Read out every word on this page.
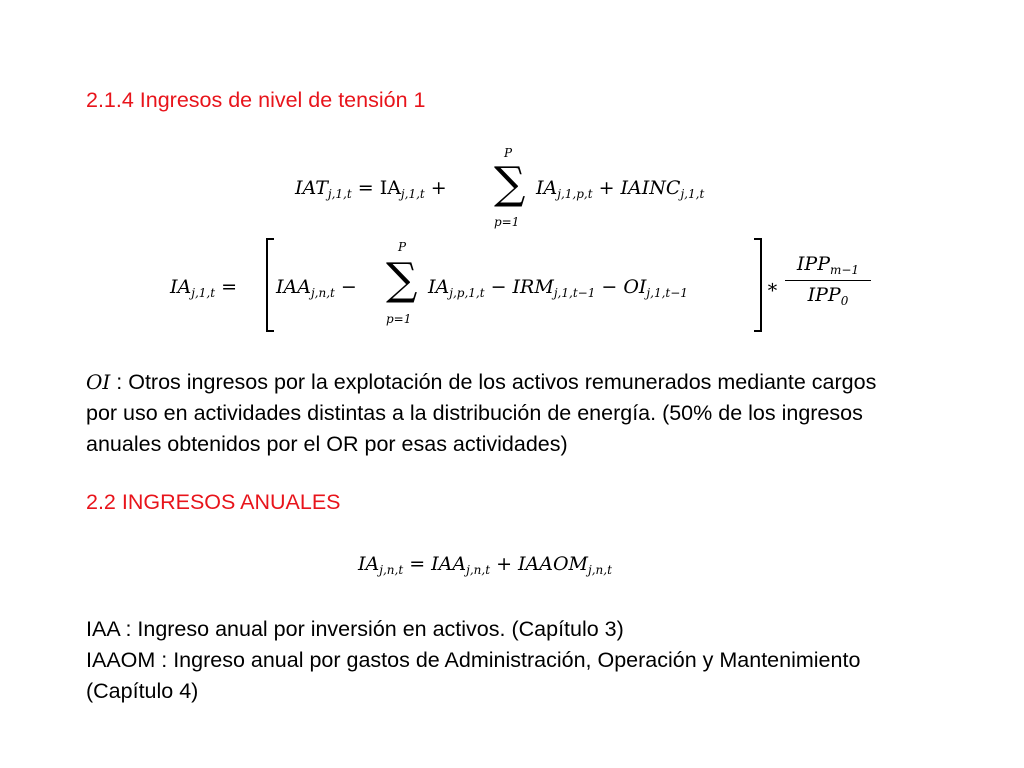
2.1.4 Ingresos de nivel de tensión 1
$IAT_{j,1,t} = IA_{j,1,t}$ +
P
∑
p=1
$IA_{j,1,p,t}$ + $IAINC_{j,1,t}$
$IA_{j,1,t} = IAA_{j,n,t}$ −
P
∑
p=1
$IA_{j,p,1,t} - IRM_{j,1,t-1} - OI_{j,1,t-1}$	∗
$IPP_{m-1}$
$IPP_0$
OI : Otros ingresos por la explotación de los activos remunerados mediante cargos
por uso en actividades distintas a la distribución de energía. (50% de los ingresos
anuales obtenidos por el OR por esas actividades)
2.2 INGRESOS ANUALES
$IA_{j,n,t} = IAA_{j,n,t}$ + $IAAOM_{j,n,t}$
IAA : Ingreso anual por inversión en activos. (Capítulo 3)
IAAOM : Ingreso anual por gastos de Administración, Operación y Mantenimiento
(Capítulo 4)
